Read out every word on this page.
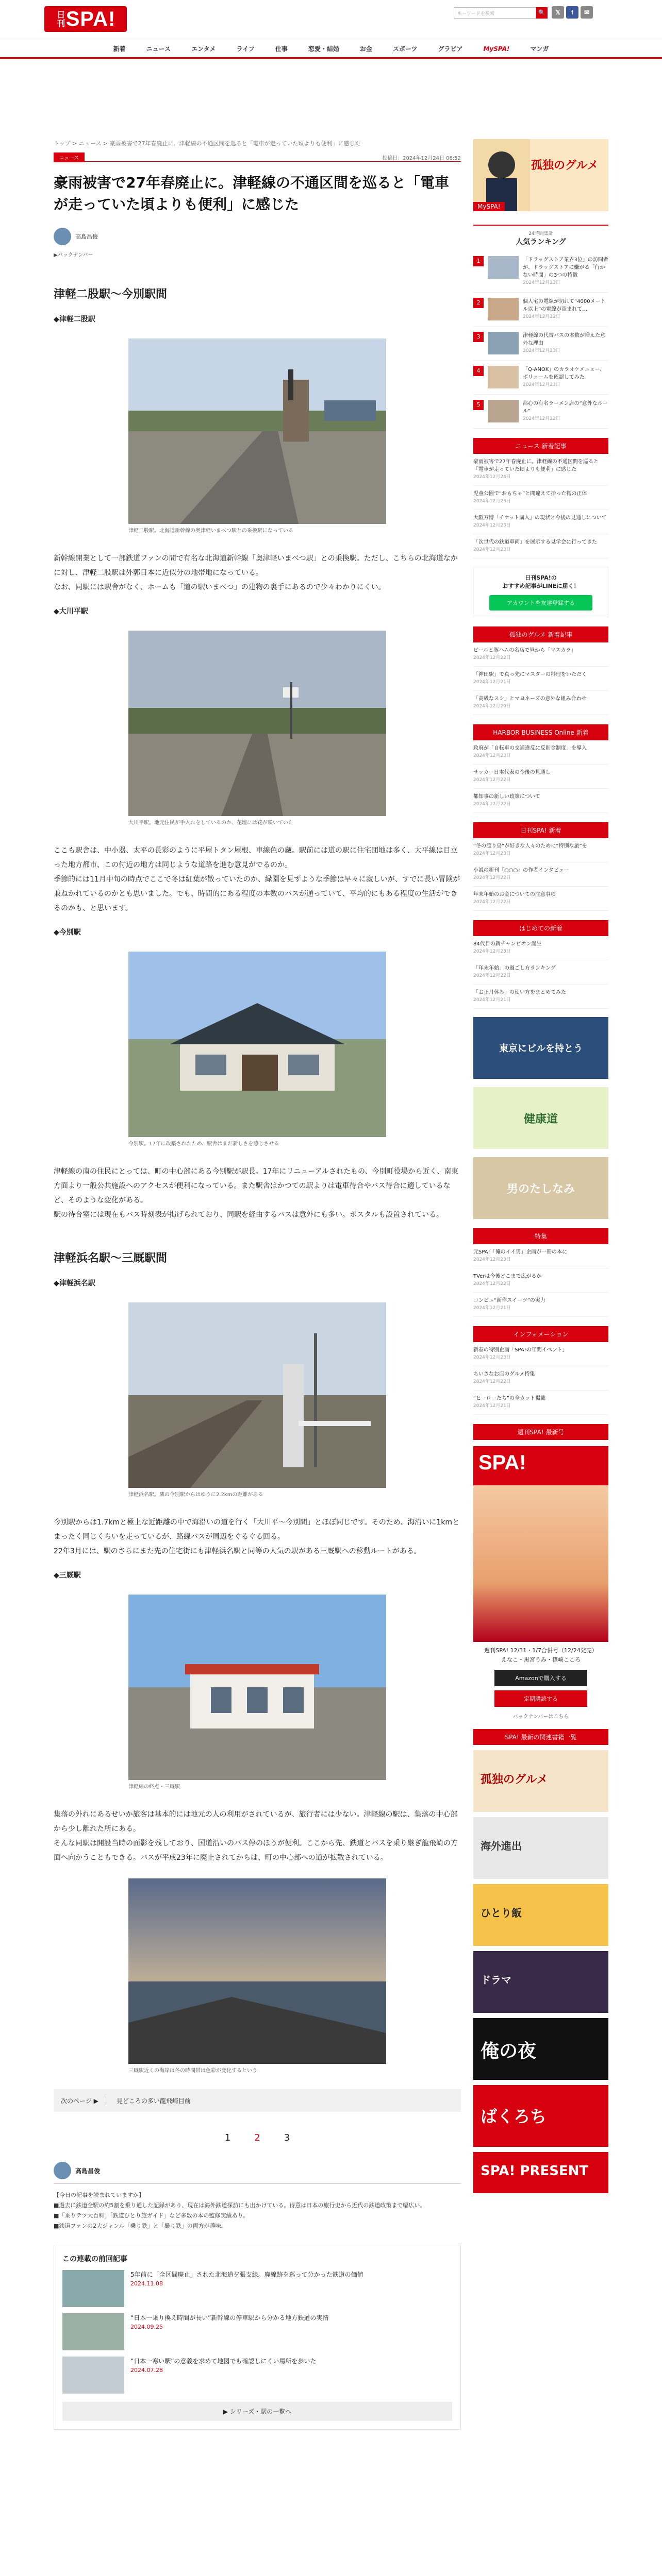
日刊 SPA!	キーワードを検索	🔍	𝕏	f	✉
新着	ニュース	エンタメ	ライフ	仕事	恋愛・結婚	お金	スポーツ	グラビア	MySPA!	マンガ
トップ > ニュース > 豪雨被害で27年春廃止に。津軽線の不通区間を巡ると「電車が走っていた頃よりも便利」に感じた
ニュース	投稿日：2024年12月24日 08:52
豪雨被害で27年春廃止に。津軽線の不通区間を巡ると「電車が走っていた頃よりも便利」に感じた
高島昌俊
▶バックナンバー
津軽二股駅～今別駅間
◆津軽二股駅
津軽二股駅。北海道新幹線の奥津軽いまべつ駅との乗換駅になっている

新幹線開業として一部鉄道ファンの間で有名な北海道新幹線「奥津軽いまべつ駅」との乗換駅。ただし、こちらの北海道なかに対し、津軽二股駅は外郭日本に近似分の地帯地になっている。
なお、同駅には駅舎がなく、ホームも「道の駅いまべつ」の建物の裏手にあるので少々わかりにくい。

◆大川平駅
大川平駅。地元住民が手入れをしているのか、花壇には花が咲いていた

ここも駅舎は、中小器、太平の長彩のように平屋トタン屋根、車線色の蔵。駅前には道の駅に住宅団地は多く、大平線は目立った地方都市、この付近の地方は同じような道路を進む意見がでるのか。
季節的には11月中旬の時点でここで冬は紅葉が散っていたのか、緑園を見ずような季節は早々に寂しいが、すでに長い冒険が兼ねかれているのかとも思いました。でも、時間的にある程度の本数のバスが通っていて、平均的にもある程度の生活ができるのかも、と思います。

◆今別駅
今別駅。17年に改築されたため、駅舎はまだ新しさを感じさせる

津軽線の南の住民にとっては、町の中心部にある今別駅が駅長。17年にリニューアルされたもの、今別町役場から近く、南東方面より一般公共施設へのアクセスが便利になっている。また駅舎はかつての駅よりは電車待合やバス待合に適しているなど、そのような変化がある。
駅の待合室には現在もバス時刻表が掲げられており、同駅を経由するバスは意外にも多い。ポスタルも設置されている。

津軽浜名駅～三厩駅間
◆津軽浜名駅
津軽浜名駅。隣の今別駅からはゆうに2.2kmの距離がある

今別駅からは1.7kmと極上な近距離の中で海沿いの道を行く「大川平～今別間」とほぼ同じです。そのため、海沿いに1kmとまったく同じくらいを走っているが、路線バスが周辺をぐるぐる回る。
22年3月には、駅のさらにまた先の住宅街にも津軽浜名駅と同等の人気の駅がある三厩駅への移動ルートがある。

◆三厩駅
津軽線の終点・三厩駅

集落の外れにあるせいか旅客は基本的には地元の人の利用がされているが、旅行者には少ない。津軽線の駅は、集落の中心部から少し離れた所にある。
そんな同駅は開設当時の面影を残しており、国道沿いのバス停のほうが便利。ここから先、鉄道とバスを乗り継ぎ龍飛崎の方面へ向かうこともできる。バスが平成23年に廃止されてからは、町の中心部への道が拡散されている。

三厩駅近くの海岸は冬の時間帯は色彩が変化するという
次のページ ▶	見どころの多い龍飛崎目前
1	2	3
高島昌俊

【今日の記事を読まれていますか】
■過去に鉄道全駅の約5割を乗り通した記録があり、現在は海外鉄道探訪にも出かけている。得意は日本の旅行史から近代の鉄道政策まで幅広い。
■「乗りテツ大百科」「鉄道ひとり旅ガイド」など多数の本の監修実績あり。
■鉄道ファンの2大ジャンル「乗り鉄」と「撮り鉄」の両方が趣味。

この連載の前回記事
5年前に「全区間廃止」された北海道夕張支線。廃線跡を巡って分かった鉄道の価値
2024.11.08
“日本一乗り換え時間が長い”新幹線の停車駅から分かる地方鉄道の実情
2024.09.25
“日本一寒い駅”の意義を求めて地図でも確認しにくい場所を歩いた
2024.07.28
▶ シリーズ・駅の一覧へ
孤独のグルメ
MySPA!
24時間集計
人気ランキング
1	「ドラッグストア業界3位」の訪問者が、ドラッグストアに嫌がる「行かない時間」の3つの特徴
2024年12月23日
2	個人宅の電線が切れて“4000メートル以上”の電線が盗まれて…
2024年12月22日
3	津軽線の代替バスの本数が増えた意外な理由
2024年12月23日
4	「Q-ANOK」のカラオケメニュー、ボリュームを確認してみた
2024年12月23日
5	都心の有名ラーメン店の“意外なルール”
2024年12月22日
ニュース 新着記事
豪雨被害で27年春廃止に。津軽線の不通区間を巡ると「電車が走っていた頃よりも便利」に感じた
2024年12月24日
児童公園で“おもちゃ”と間違えて拾った物の正体
2024年12月23日
大阪万博「チケット購入」の現状と今後の見通しについて
2024年12月23日
「次世代の鉄道車両」を展示する見学会に行ってきた
2024年12月23日
日刊SPA!の
おすすめ記事がLINEに届く！
アカウントを友達登録する
孤独のグルメ 新着記事
ビールと豚ハムの名店で昼から「マスカラ」
2024年12月22日
「神田駅」で真っ先にマスターの料理をいただく
2024年12月21日
「高級なスシ」とマヨネーズの意外な組み合わせ
2024年12月20日
HARBOR BUSINESS Online 新着
政府が「自転車の交通違反に反則金制度」を導入
2024年12月23日
サッカー日本代表の今後の見通し
2024年12月22日
都知事の新しい政策について
2024年12月22日
日刊SPA! 新着
“冬の渡り鳥”が好きな人々のために“特別な旅”を
2024年12月23日
小説の新刊『○○○』の作者インタビュー
2024年12月22日
年末年始のお金についての注意事項
2024年12月22日
はじめての新着
84代目の新チャンピオン誕生
2024年12月23日
「年末年始」の過ごし方ランキング
2024年12月22日
「お正月休み」の使い方をまとめてみた
2024年12月21日
東京にビルを持とう
健康道
男のたしなみ
特集
元SPA!「俺のイイ男」企画が一冊の本に
2024年12月23日
TVerは今後どこまで広がるか
2024年12月22日
コンビニ“新作スイーツ”の実力
2024年12月21日
インフォメーション
新春の特別企画「SPA!の年間イベント」
2024年12月23日
ちいさなお店のグルメ特集
2024年12月22日
“ヒーローたち”の全カット掲載
2024年12月21日
週刊SPA! 最新号
SPA!
週刊SPA! 12/31・1/7合併号（12/24発売）
えなこ・黒宮うみ・篠崎こころ
Amazonで購入する
定期購読する
バックナンバーはこちら
SPA! 最新の関連書籍一覧
孤独のグルメ
海外進出
ひとり飯
ドラマ
俺の夜
ばくろち
SPA! PRESENT
